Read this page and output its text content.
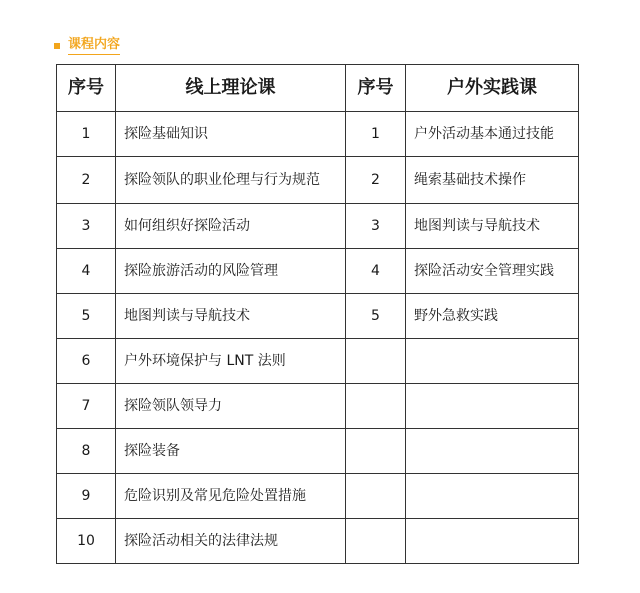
课程内容
序号	线上理论课	序号	户外实践课
1	探险基础知识	1	户外活动基本通过技能
2	探险领队的职业伦理与行为规范	2	绳索基础技术操作
3	如何组织好探险活动	3	地图判读与导航技术
4	探险旅游活动的风险管理	4	探险活动安全管理实践
5	地图判读与导航技术	5	野外急救实践
6	户外环境保护与 LNT 法则		
7	探险领队领导力		
8	探险装备		
9	危险识别及常见危险处置措施		
10	探险活动相关的法律法规		
